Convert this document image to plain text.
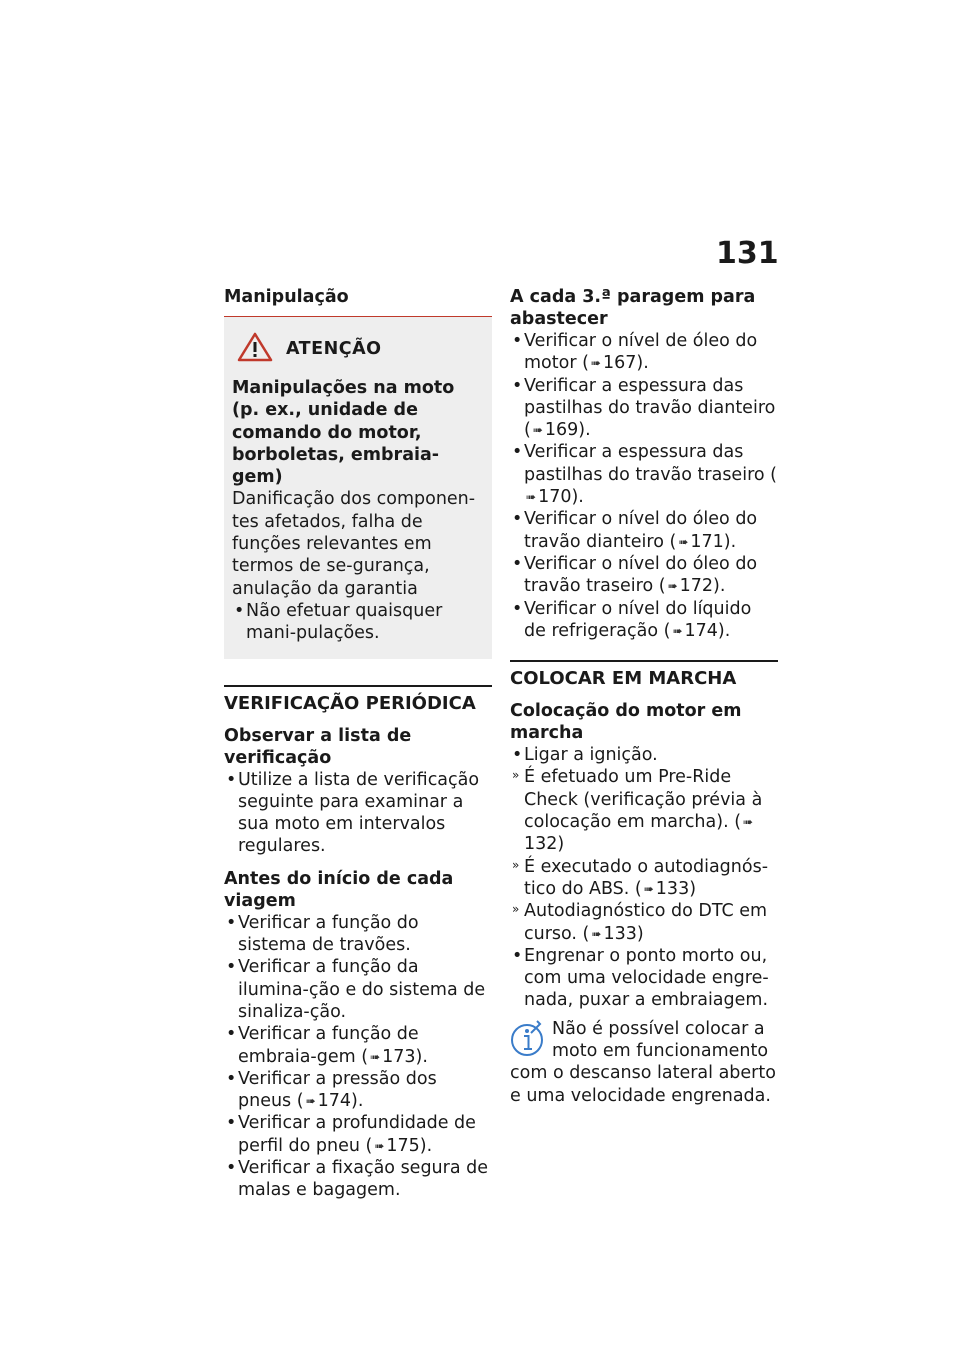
131

Manipulação

ATENÇÃO

Manipulações na moto (p. ex., unidade de comando do motor, borboletas, embraia-gem)

Danificação dos componen-tes afetados, falha de funções relevantes em termos de se-gurança, anulação da garantia

• Não efetuar quaisquer mani-pulações.

VERIFICAÇÃO PERIÓDICA

Observar a lista de verificação

• Utilize a lista de verificação seguinte para examinar a sua moto em intervalos regulares.

Antes do início de cada viagem

• Verificar a função do sistema de travões.
• Verificar a função da ilumina-ção e do sistema de sinaliza-ção.
• Verificar a função de embraia-gem ( ➠ 173).
• Verificar a pressão dos pneus ( ➠ 174).
• Verificar a profundidade de perfil do pneu ( ➠ 175).
• Verificar a fixação segura de malas e bagagem.

A cada 3.ª paragem para abastecer

• Verificar o nível de óleo do motor ( ➠ 167).
• Verificar a espessura das pastilhas do travão dianteiro ( ➠ 169).
• Verificar a espessura das pastilhas do travão traseiro (➠ 170).
• Verificar o nível do óleo do travão dianteiro ( ➠ 171).
• Verificar o nível do óleo do travão traseiro ( ➠ 172).
• Verificar o nível do líquido de refrigeração ( ➠ 174).

COLOCAR EM MARCHA

Colocação do motor em marcha

• Ligar a ignição.
» É efetuado um Pre-Ride Check (verificação prévia à colocação em marcha). ( ➠132)
» É executado o autodiagnós-tico do ABS. ( ➠ 133)
» Autodiagnóstico do DTC em curso. ( ➠ 133)
• Engrenar o ponto morto ou, com uma velocidade engre-nada, puxar a embraiagem.
Não é possível colocar a moto em funcionamento

com o descanso lateral aberto e uma velocidade engrenada.
